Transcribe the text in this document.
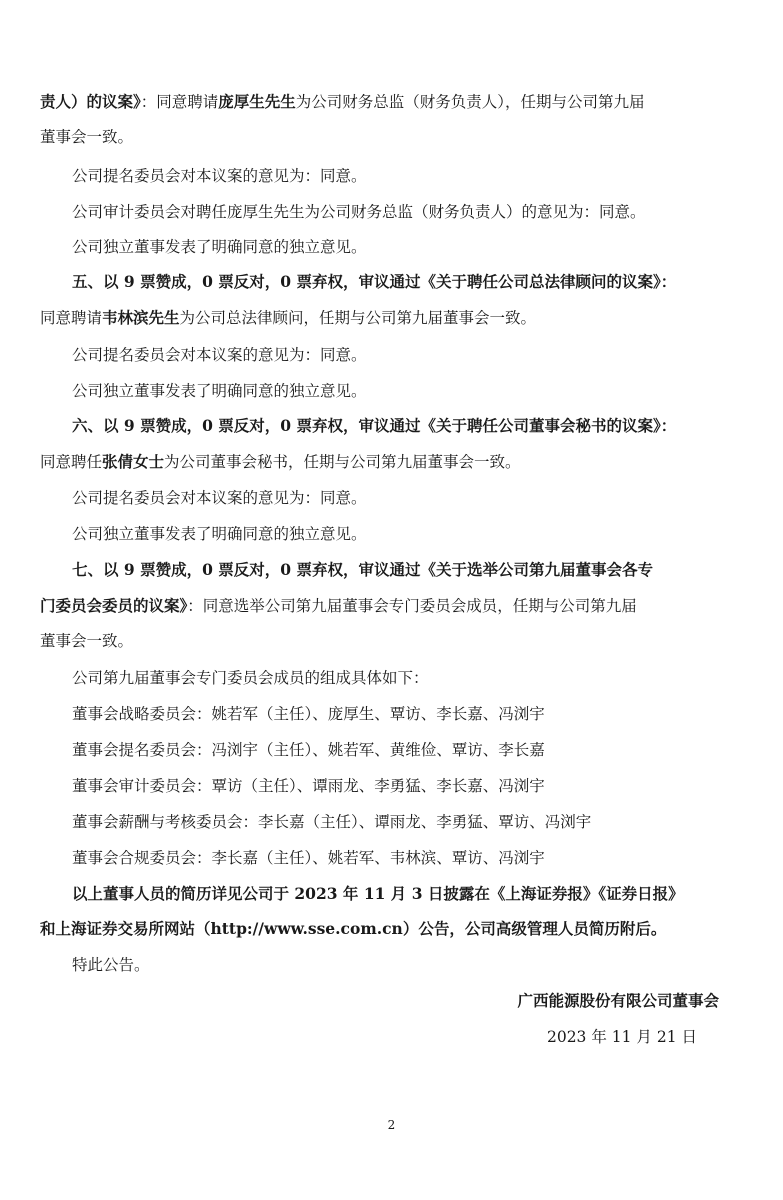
责人）的议案》：同意聘请庞厚生先生为公司财务总监（财务负责人），任期与公司第九届
董事会一致。
公司提名委员会对本议案的意见为：同意。
公司审计委员会对聘任庞厚生先生为公司财务总监（财务负责人）的意见为：同意。
公司独立董事发表了明确同意的独立意见。
五、以 9 票赞成，0 票反对，0 票弃权，审议通过《关于聘任公司总法律顾问的议案》：
同意聘请韦林滨先生为公司总法律顾问，任期与公司第九届董事会一致。
公司提名委员会对本议案的意见为：同意。
公司独立董事发表了明确同意的独立意见。
六、以 9 票赞成，0 票反对，0 票弃权，审议通过《关于聘任公司董事会秘书的议案》：
同意聘任张倩女士为公司董事会秘书，任期与公司第九届董事会一致。
公司提名委员会对本议案的意见为：同意。
公司独立董事发表了明确同意的独立意见。
七、以 9 票赞成，0 票反对，0 票弃权，审议通过《关于选举公司第九届董事会各专
门委员会委员的议案》：同意选举公司第九届董事会专门委员会成员，任期与公司第九届
董事会一致。
公司第九届董事会专门委员会成员的组成具体如下：
董事会战略委员会：姚若军（主任）、庞厚生、覃访、李长嘉、冯浏宇
董事会提名委员会：冯浏宇（主任）、姚若军、黄维俭、覃访、李长嘉
董事会审计委员会：覃访（主任）、谭雨龙、李勇猛、李长嘉、冯浏宇
董事会薪酬与考核委员会：李长嘉（主任）、谭雨龙、李勇猛、覃访、冯浏宇
董事会合规委员会：李长嘉（主任）、姚若军、韦林滨、覃访、冯浏宇
以上董事人员的简历详见公司于 2023 年 11 月 3 日披露在《上海证券报》《证券日报》
和上海证券交易所网站（http://www.sse.com.cn）公告，公司高级管理人员简历附后。
特此公告。
广西能源股份有限公司董事会
2023 年 11 月 21 日
2
